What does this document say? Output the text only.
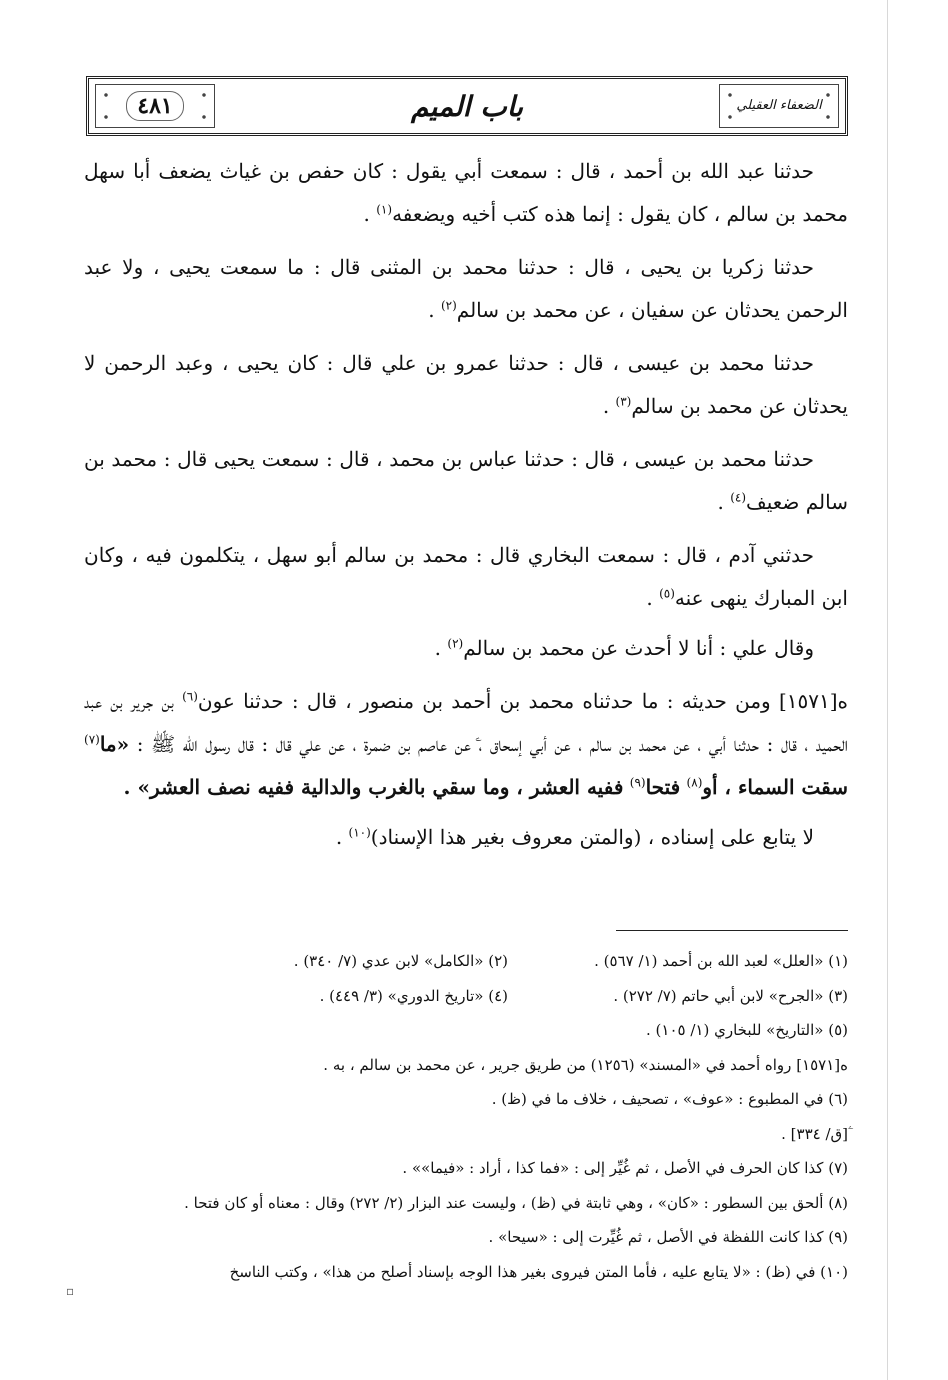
الضعفاء العقيلي
باب الميم
٤٨١

حدثنا عبد الله بن أحمد ، قال : سمعت أبي يقول : كان حفص بن غياث يضعف أبا سهل محمد بن سالم ، كان يقول : إنما هذه كتب أخيه ويضعفه$^{(١)}$ .

حدثنا زكريا بن يحيى ، قال : حدثنا محمد بن المثنى قال : ما سمعت يحيى ، ولا عبد الرحمن يحدثان عن سفيان ، عن محمد بن سالم$^{(٢)}$ .

حدثنا محمد بن عيسى ، قال : حدثنا عمرو بن علي قال : كان يحيى ، وعبد الرحمن لا يحدثان عن محمد بن سالم$^{(٣)}$ .

حدثنا محمد بن عيسى ، قال : حدثنا عباس بن محمد ، قال : سمعت يحيى قال : محمد بن سالم ضعيف$^{(٤)}$ .

حدثني آدم ، قال : سمعت البخاري قال : محمد بن سالم أبو سهل ، يتكلمون فيه ، وكان ابن المبارك ينهى عنه$^{(٥)}$ .

وقال علي : أنا لا أحدث عن محمد بن سالم$^{(٢)}$ .

ه[١٥٧١] ومن حديثه : ما حدثناه محمد بن أحمد بن منصور ، قال : حدثنا عون$^{(٦)}$ بن جرير بن عبد الحميد ، قال : حدثنا أبي ، عن محمد بن سالم ، عن أبي إسحاق ، عن عاصم بن ضمرة ، عن علي قال : قال رسول الله ﷺ : «ما$^{(٧)}$ سقت السماء ، أو$^{(٨)}$ فتحا$^{(٩)}$ ففيه العشر ، وما سقي بالغرب والدالية ففيه نصف العشر» .

لا يتابع على إسناده ، (والمتن معروف بغير هذا الإسناد)$^{(١٠)}$ .

(١) «العلل» لعبد الله بن أحمد (١/ ٥٦٧) .
(٢) «الكامل» لابن عدي (٧/ ٣٤٠) .
(٣) «الجرح» لابن أبي حاتم (٧/ ٢٧٢) .
(٤) «تاريخ الدوري» (٣/ ٤٤٩) .
(٥) «التاريخ» للبخاري (١/ ١٠٥) .
ه[١٥٧١] رواه أحمد في «المسند» (١٢٥٦) من طريق جرير ، عن محمد بن سالم ، به .
(٦) في المطبوع : «عوف» ، تصحيف ، خلاف ما في (ظ) .
ۧ[ق/ ٣٣٤] .
(٧) كذا كان الحرف في الأصل ، ثم غُيِّر إلى : «فما كذا ، أراد : «فيما»» .
(٨) ألحق بين السطور : «كان» ، وهي ثابتة في (ظ) ، وليست عند البزار (٢/ ٢٧٢) وقال : معناه أو كان فتحا .
(٩) كذا كانت اللفظة في الأصل ، ثم غُيِّرت إلى : «سيحا» .
(١٠) في (ظ) : «لا يتابع عليه ، فأما المتن فيروى بغير هذا الوجه بإسناد أصلح من هذا» ، وكتب الناسخ
▫
